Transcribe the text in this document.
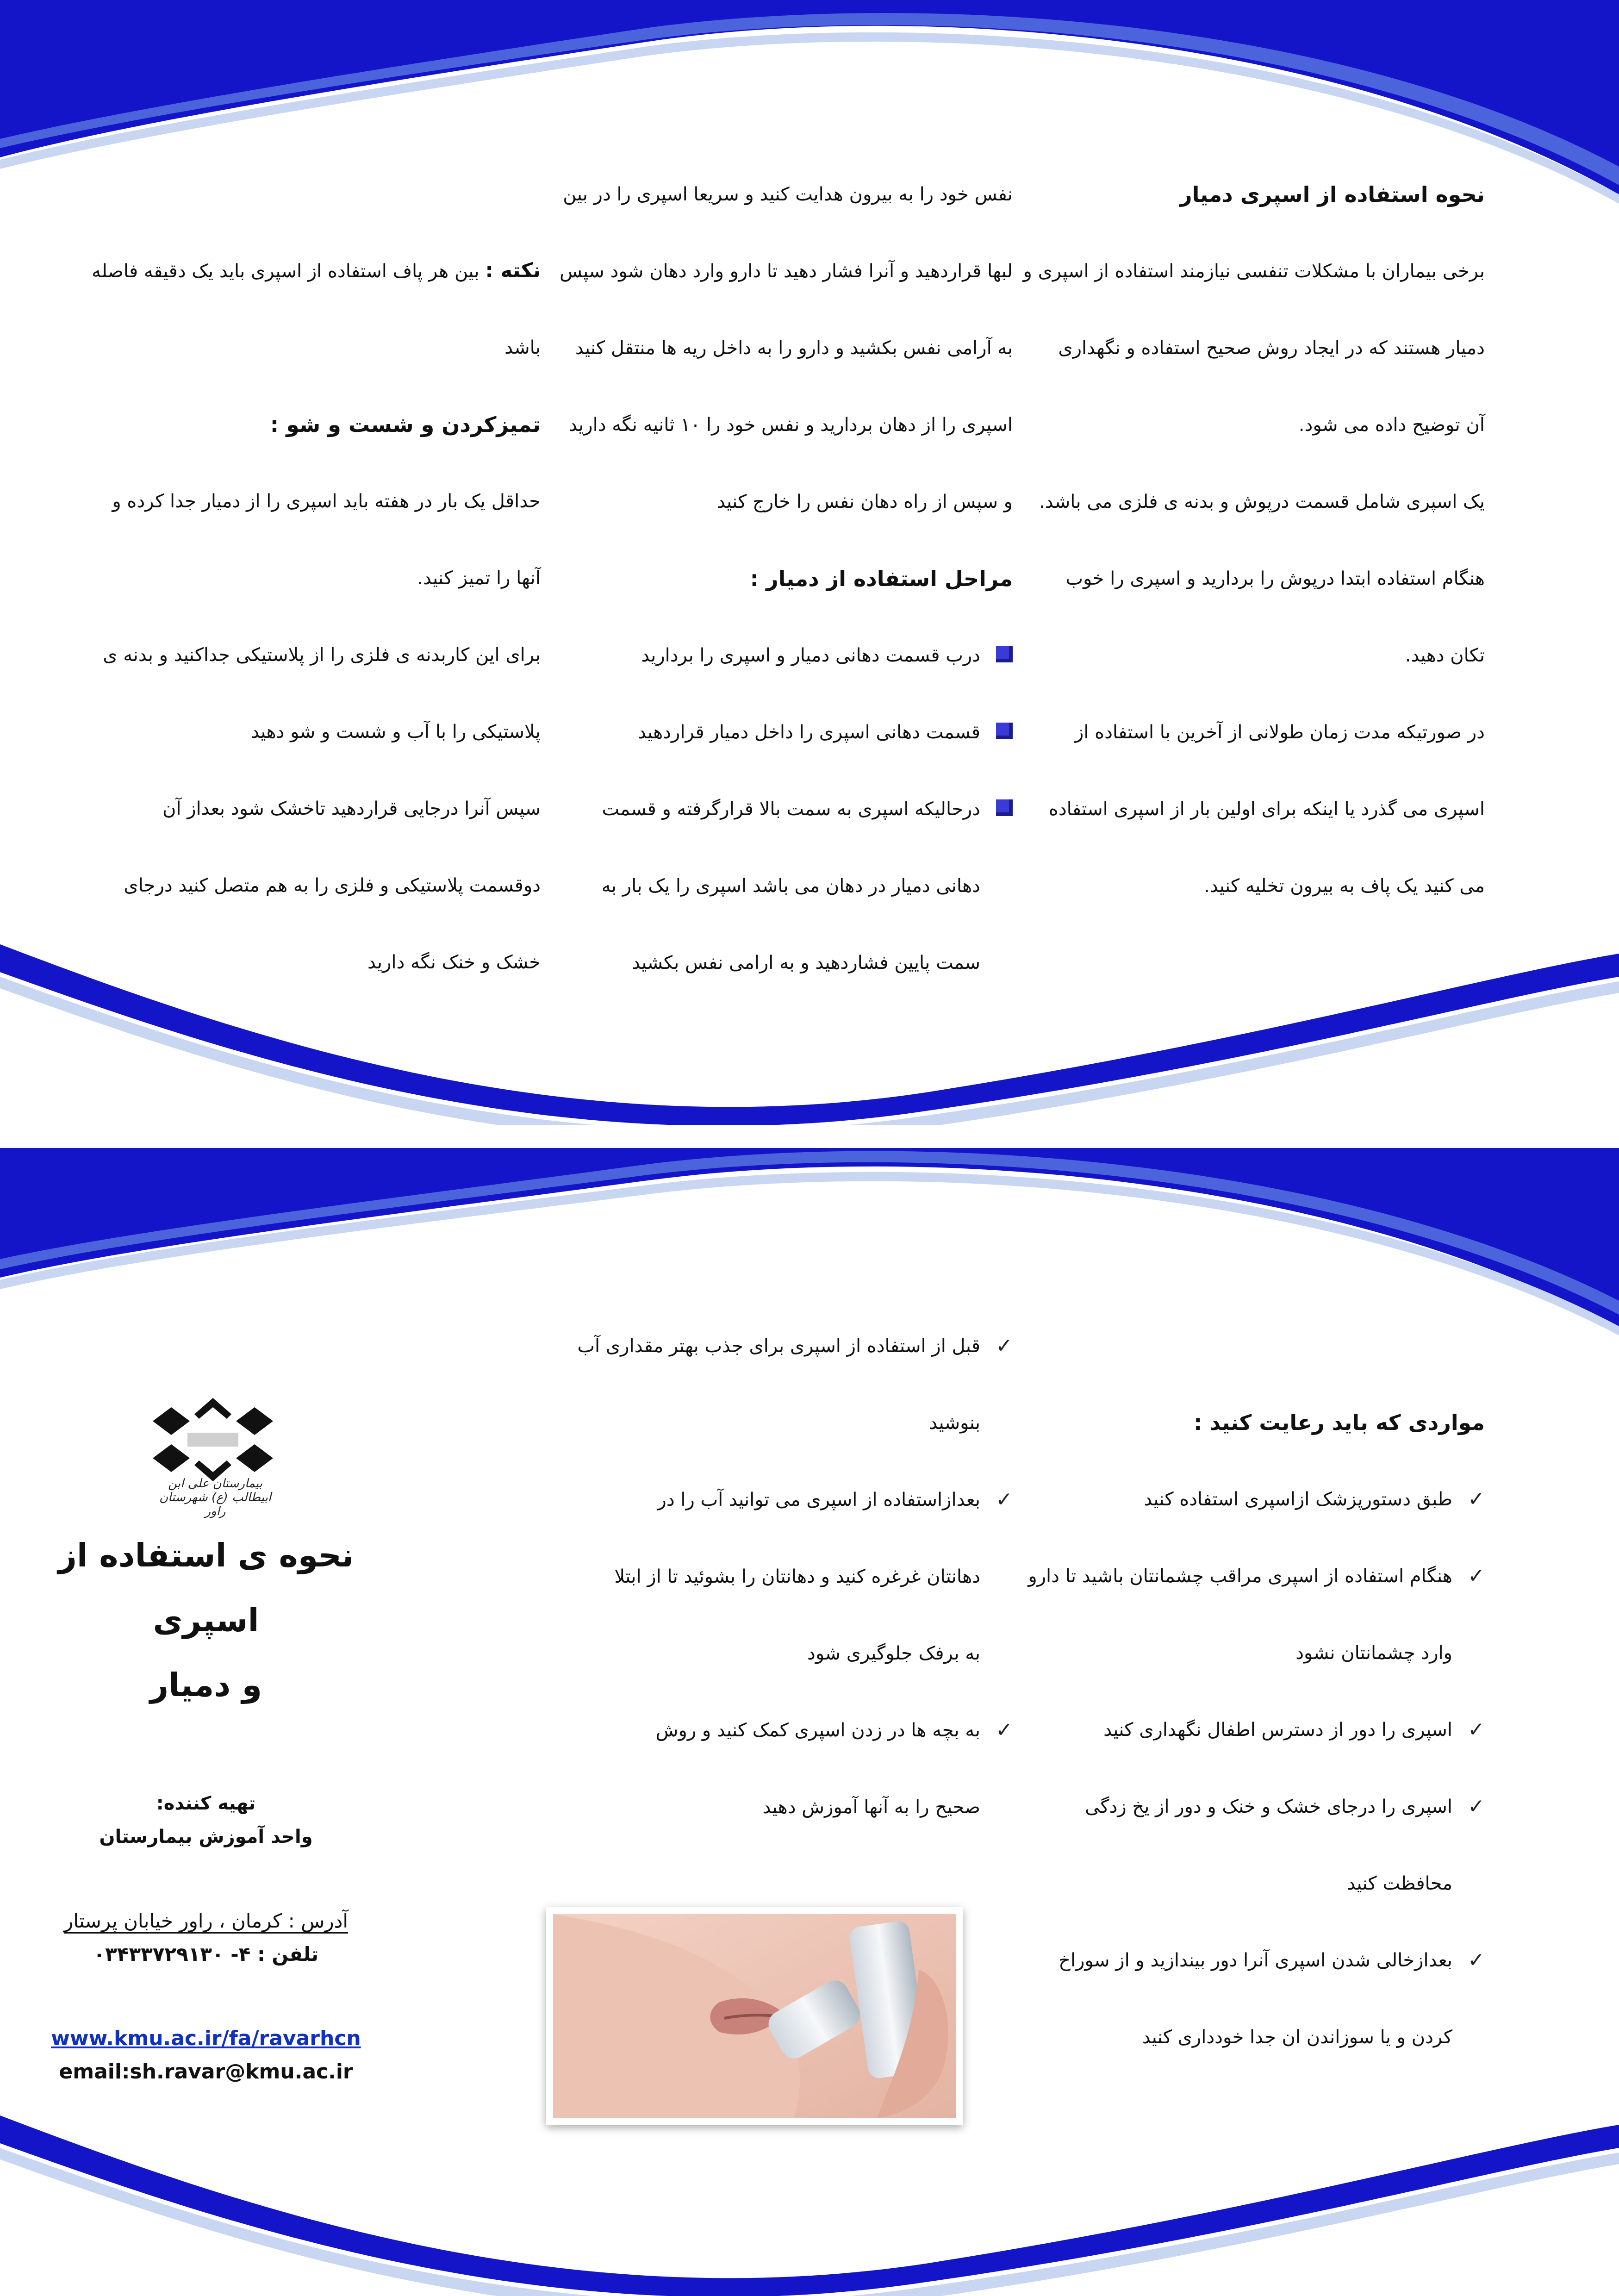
نحوه استفاده از اسپری دمیار
برخی بیماران با مشکلات تنفسی نیازمند استفاده از اسپری و
دمیار هستند که در ایجاد روش صحیح استفاده و نگهداری
آن توضیح داده می شود.
یک اسپری شامل قسمت درپوش و بدنه ی فلزی می باشد.
هنگام استفاده ابتدا درپوش را بردارید و اسپری را خوب
تکان دهید.
در صورتیکه مدت زمان طولانی از آخرین با استفاده از
اسپری می گذرد یا اینکه برای اولین بار از اسپری استفاده
می کنید یک پاف به بیرون تخلیه کنید.
نفس خود را به بیرون هدایت کنید و سریعا اسپری را در بین
لبها قراردهید و آنرا فشار دهید تا دارو وارد دهان شود سپس
به آرامی نفس بکشید و دارو را به داخل ریه ها منتقل کنید
اسپری را از دهان بردارید و نفس خود را ۱۰ ثانیه نگه دارید
و سپس از راه دهان نفس را خارج کنید
مراحل استفاده از دمیار :
درب قسمت دهانی دمیار و اسپری را بردارید
قسمت دهانی اسپری را داخل دمیار قراردهید
درحالیکه اسپری به سمت بالا قرارگرفته و قسمت
دهانی دمیار در دهان می باشد اسپری را یک بار به
سمت پایین فشاردهید و به ارامی نفس بکشید
نکته : بین هر پاف استفاده از اسپری باید یک دقیقه فاصله
باشد
تمیزکردن و شست و شو :
حداقل یک بار در هفته باید اسپری را از دمیار جدا کرده و
آنها را تمیز کنید.
برای این کاربدنه ی فلزی را از پلاستیکی جداکنید و بدنه ی
پلاستیکی را با آب و شست و شو دهید
سپس آنرا درجایی قراردهید تاخشک شود بعداز آن
دوقسمت پلاستیکی و فلزی را به هم متصل کنید درجای
خشک و خنک نگه دارید
مواردی که باید رعایت کنید :
✓
طبق دستورپزشک ازاسپری استفاده کنید
✓
هنگام استفاده از اسپری مراقب چشمانتان باشید تا دارو
وارد چشمانتان نشود
✓
اسپری را دور از دسترس اطفال نگهداری کنید
✓
اسپری را درجای خشک و خنک و دور از یخ زدگی
محافظت کنید
✓
بعدازخالی شدن اسپری آنرا دور بیندازید و از سوراخ
کردن و یا سوزاندن ان جدا خودداری کنید
✓
قبل از استفاده از اسپری برای جذب بهتر مقداری آب
بنوشید
✓
بعدازاستفاده از اسپری می توانید آب را در
دهانتان غرغره کنید و دهانتان را بشوئید تا از ابتلا
به برفک جلوگیری شود
✓
به بچه ها در زدن اسپری کمک کنید و روش
صحیح را به آنها آموزش دهید
بیمارستان علی ابن ابیطالب (ع) شهرستان راور
نحوه ی استفاده از اسپری
و دمیار
تهیه کننده:
واحد آموزش بیمارستان
آدرس : کرمان ، راور خیابان پرستار
تلفن : ۴- ۰۳۴۳۳۷۲۹۱۳۰
www.kmu.ac.ir/fa/ravarhcn
email:sh.ravar@kmu.ac.ir
